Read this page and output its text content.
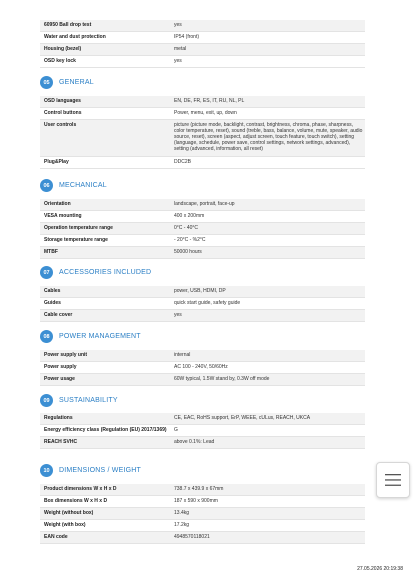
60950 Ball drop test	yes
Water and dust protection	IP54 (front)
Housing (bezel)	metal
OSD key lock	yes
05	GENERAL
OSD languages	EN, DE, FR, ES, IT, RU, NL, PL
Control buttons	Power, menu, exit, up, down
User controls	picture (picture mode, backlight, contrast, brightness, chroma, phase, sharpness, color temperature, reset), sound (treble, bass, balance, volume, mute, speaker, audio source, reset), screen (aspect, adjust screen, touch feature, touch switch), setting (language, schedule, power save, control settings, network settings, advanced), setting (advanced, information, all reset)
Plug&Play	DDC2B
06	MECHANICAL
Orientation	landscape, portrait, face-up
VESA mounting	400 x 200mm
Operation temperature range	0°C - 40°C
Storage temperature range	- 20°C - %2°C
MTBF	50000 hours
07	ACCESSORIES INCLUDED
Cables	power, USB, HDMI, DP
Guides	quick start guide, safety guide
Cable cover	yes
08	POWER MANAGEMENT
Power supply unit	internal
Power supply	AC 100 - 240V, 50/60Hz
Power usage	60W typical, 1.5W stand by, 0.3W off mode
09	SUSTAINABILITY
Regulations	CE, EAC, RoHS support, ErP, WEEE, cULus, REACH, UKCA
Energy efficiency class (Regulation (EU) 2017/1369)	G
REACH SVHC	above 0.1%: Lead
10	DIMENSIONS / WEIGHT
Product dimensions W x H x D	738.7 x 439.9 x 67mm
Box dimensions W x H x D	187 x 590 x 900mm
Weight (without box)	13.4kg
Weight (with box)	17.2kg
EAN code	4948570118021
27.05.2026 20:19:38
